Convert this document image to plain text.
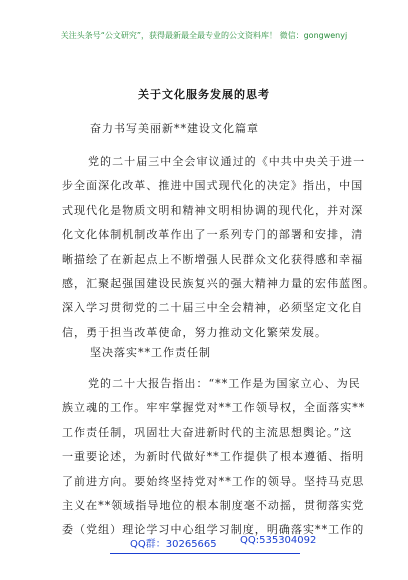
关注头条号“公文研究”，获得最新最全最专业的公文资料库！ 微信：gongwenyj
关于文化服务发展的思考
奋力书写美丽新**建设文化篇章
党的二十届三中全会审议通过的《中共中央关于进一
步全面深化改革、推进中国式现代化的决定》指出，中国
式现代化是物质文明和精神文明相协调的现代化，并对深
化文化体制机制改革作出了一系列专门的部署和安排，清
晰描绘了在新起点上不断增强人民群众文化获得感和幸福
感，汇聚起强国建设民族复兴的强大精神力量的宏伟蓝图。
深入学习贯彻党的二十届三中全会精神，必须坚定文化自
信，勇于担当改革使命，努力推动文化繁荣发展。
坚决落实**工作责任制
党的二十大报告指出：“**工作是为国家立心、为民
族立魂的工作。牢牢掌握党对**工作领导权，全面落实**
工作责任制，巩固壮大奋进新时代的主流思想舆论。”这
一重要论述，为新时代做好**工作提供了根本遵循、指明
了前进方向。要始终坚持党对**工作的领导。坚持马克思
主义在**领域指导地位的根本制度毫不动摇，贯彻落实党
委（党组）理论学习中心组学习制度，明确落实**工作的
QQ群：30265665 QQ:535304092
